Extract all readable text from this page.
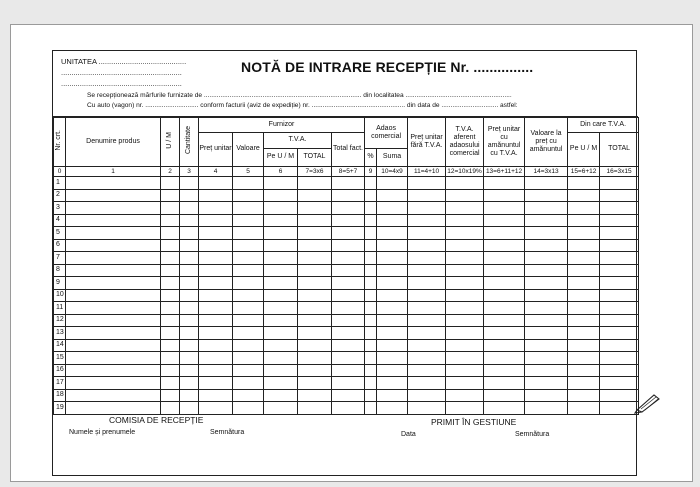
UNITATEA ..........................................
..........................................................
..........................................................
NOTĂ DE INTRARE RECEPȚIE Nr. ...............
Se recepționează mărfurile furnizate de ...................................................................................... din localitatea ..........................................................
Cu auto (vagon) nr. ............................. conform facturii (aviz de expediție) nr. ................................................... din data de ............................... astfel:
Nr. crt.	Denumire produs	U / M	Cantitate	Furnizor					Adaos comercial		Preț unitar fără T.V.A.	T.V.A. aferent adaosului comercial	Preț unitar cu amănuntul cu T.V.A.	Valoare la preț cu amănuntul	Din care T.V.A.	
				Preț unitar	Valoare	T.V.A.		Total fact.							Pe U / M	TOTAL
						Pe U / M	TOTAL		%	Suma						
0	1	2	3	4	5	6	7=3x6	8=5+7	9	10=4x9	11=4+10	12=10x19%	13=6+11+12	14=3x13	15=6+12	16=3x15
1																
2																
3																
4																
5																
6																
7																
8																
9																
10																
11																
12																
13																
14																
15																
16																
17																
18																
19																
COMISIA DE RECEPȚIE
Numele și prenumele	Semnătura
PRIMIT ÎN GESTIUNE
Data	Semnătura
